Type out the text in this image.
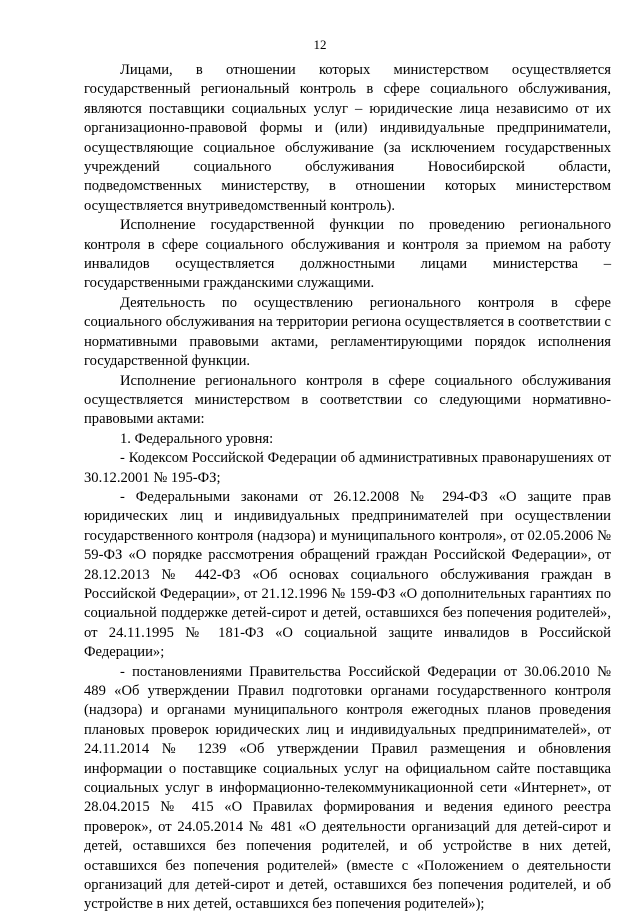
12

Лицами, в отношении которых министерством осуществляется государственный региональный контроль в сфере социального обслуживания, являются поставщики социальных услуг – юридические лица независимо от их организационно-правовой формы и (или) индивидуальные предприниматели, осуществляющие социальное обслуживание (за исключением государственных учреждений социального обслуживания Новосибирской области, подведомственных министерству, в отношении которых министерством осуществляется внутриведомственный контроль).

Исполнение государственной функции по проведению регионального контроля в сфере социального обслуживания и контроля за приемом на работу инвалидов осуществляется должностными лицами министерства – государственными гражданскими служащими.

Деятельность по осуществлению регионального контроля в сфере социального обслуживания на территории региона осуществляется в соответствии с нормативными правовыми актами, регламентирующими порядок исполнения государственной функции.

Исполнение регионального контроля в сфере социального обслуживания осуществляется министерством в соответствии со следующими нормативно-правовыми актами:

1. Федерального уровня:

- Кодексом Российской Федерации об административных правонарушениях от 30.12.2001 № 195-ФЗ;

- Федеральными законами от 26.12.2008 № 294-ФЗ «О защите прав юридических лиц и индивидуальных предпринимателей при осуществлении государственного контроля (надзора) и муниципального контроля», от 02.05.2006 № 59-ФЗ «О порядке рассмотрения обращений граждан Российской Федерации», от 28.12.2013 № 442-ФЗ «Об основах социального обслуживания граждан в Российской Федерации», от 21.12.1996 № 159-ФЗ «О дополнительных гарантиях по социальной поддержке детей-сирот и детей, оставшихся без попечения родителей», от 24.11.1995 № 181-ФЗ «О социальной защите инвалидов в Российской Федерации»;

- постановлениями Правительства Российской Федерации от 30.06.2010 № 489 «Об утверждении Правил подготовки органами государственного контроля (надзора) и органами муниципального контроля ежегодных планов проведения плановых проверок юридических лиц и индивидуальных предпринимателей», от 24.11.2014 № 1239 «Об утверждении Правил размещения и обновления информации о поставщике социальных услуг на официальном сайте поставщика социальных услуг в информационно-телекоммуникационной сети «Интернет», от 28.04.2015 № 415 «О Правилах формирования и ведения единого реестра проверок», от 24.05.2014 № 481 «О деятельности организаций для детей-сирот и детей, оставшихся без попечения родителей, и об устройстве в них детей, оставшихся без попечения родителей» (вместе с «Положением о деятельности организаций для детей-сирот и детей, оставшихся без попечения родителей, и об устройстве в них детей, оставшихся без попечения родителей»);
